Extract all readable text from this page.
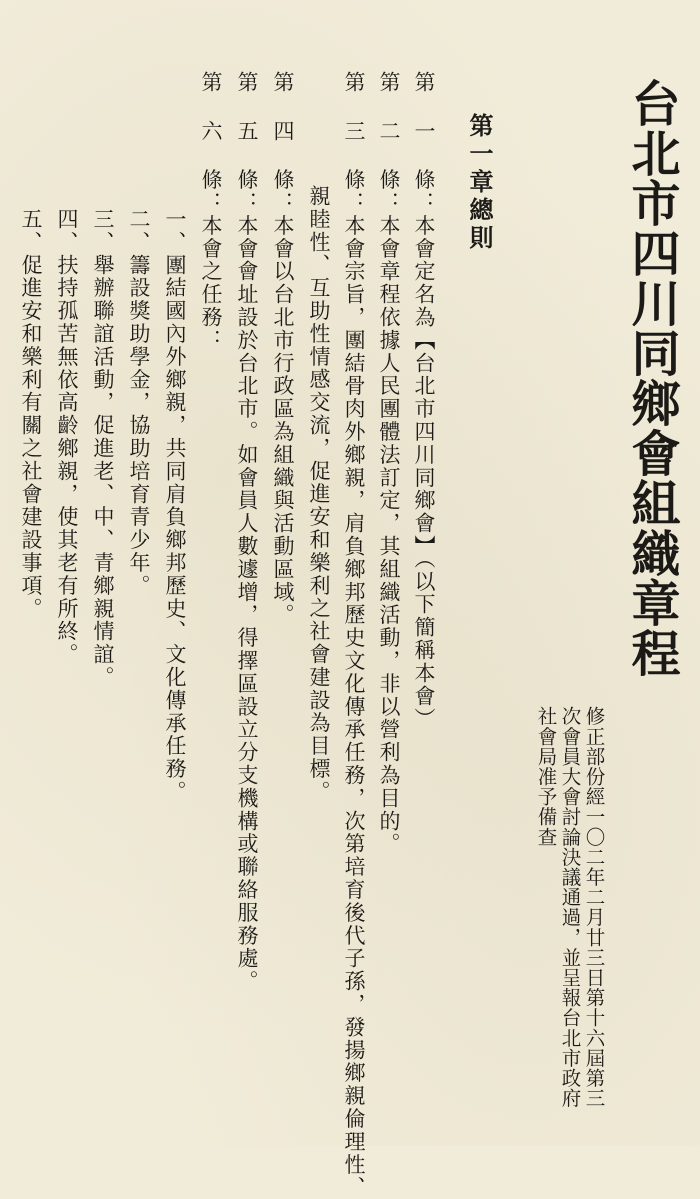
台北市四川同鄉會組織章程
修正部份經一〇二年二月廿三日第十六屆第三
次會員大會討論決議通過，並呈報台北市政府
社會局准予備查
第一章總則
第 一 條：本會定名為【台北市四川同鄉會】（以下簡稱本會）
第 二 條：本會章程依據人民團體法訂定，其組織活動，非以營利為目的。
第 三 條：本會宗旨，團結骨肉外鄉親，肩負鄉邦歷史文化傳承任務，次第培育後代子孫，發揚鄉親倫理性、
親睦性、互助性情感交流，促進安和樂利之社會建設為目標。
第 四 條：本會以台北市行政區為組織與活動區域。
第 五 條：本會會址設於台北市。如會員人數遽增，得擇區設立分支機構或聯絡服務處。
第 六 條：本會之任務：
一、團結國內外鄉親，共同肩負鄉邦歷史、文化傳承任務。
二、籌設獎助學金，協助培育青少年。
三、舉辦聯誼活動，促進老、中、青鄉親情誼。
四、扶持孤苦無依高齡鄉親，使其老有所終。
五、促進安和樂利有關之社會建設事項。
